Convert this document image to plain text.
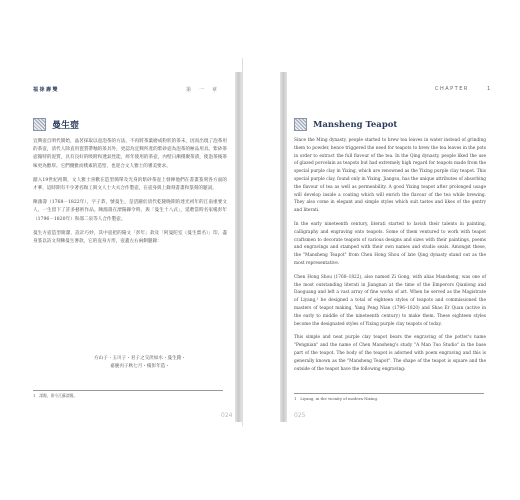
福祿壽雙	第　一　章	CHAPTER	1
曼生壺	Mansheng Teapot

宜興壺自明代開始，晶茗採取以壺泡茶的方法，不再將茶葉磨成粉狀的茶末，因而出現了泡茶用的茶壺，清代人除直用瓷質帶釉的茶具外，更認為宜興所產的紫砂壺為泡茶的極品用具。紫砂茶壺獨特的泥質，具有良好的吸附和透氣性能，經年使用的茶壺，內壁日漸積聚茶漬，使泡茶後茶味更為醇厚。它們優雅而樸素的造型，也迎合文人雅士的審美要求。

踏入19世紀初期，文人雅士喜歡在造型簡單及光身的紫砂茶壺上發揮他們在書畫篆刻各方面的才華，這時期有不少著名陶工與文人士大夫合作製壺，在壺身與上錄刻書畫和篆刻的題詞。

陳鴻壽（1768－1822年），字子恭，號曼生，是活躍於清代乾隆晚期的達光初年的江南重要文人，一生留下了許多藝術作品。陳鴻壽在溧陽縣令時，與「曼生十八式」，延聘當時名家楊彭年（1796－1820年）和邵二泉等人合作製壺。

曼生方壺造型簡潔，設計巧妙，其中壺把的陽文「彭年」款及「阿曼陀室（曼生齋名）」印，盡身篆以詩文刻陳曼生署款，它的壺身方形，壺蓋左右兩側題錄：

方山子・玉川子・君子之交淡如水・曼生銘・
嘉慶丙子秋七月・楊彭年造・

Since the Ming dynasty, people started to brew tea leaves in water instead of grinding them to powder, hence triggered the need for teapots to brew the tea leaves in the pots in order to extract the full flavour of the tea. In the Qing dynasty, people liked the use of glazed porcelain as teapots but had extremely high regard for teapots made from the special purple clay in Yixing, which are renowned as the Yixing purple clay teapot. This special purple clay, found only in Yixing, Jiangsu, has the unique attributes of absorbing the flavour of tea as well as permeability. A good Yixing teapot after prolonged usage will develop inside a coating which will enrich the flavour of the tea while brewing. They also come in elegant and simple styles which suit tastes and likes of the gentry and literati.

In the early nineteenth century, literati started to lavish their talents in painting, calligraphy and engraving onto teapots. Some of them ventured to work with teapot craftsmen to decorate teapots of various designs and sizes with their paintings, poems and engravings and stamped with their own names and studio seals. Amongst these, the "Mansheng Teapot" from Chen Hong Shou of late Qing dynasty stand out as the most representative.

Chen Hong Shou (1768–1822), also named Zi Gong, with alias Mansheng, was one of the most outstanding literati in Jiangnan at the time of the Emperors Qianlong and Daoguang and left a vast array of fine works of art. When he served as the Magistrate of Liyang,¹ he designed a total of eighteen styles of teapots and commissioned the masters of teapot making, Yang Peng Nian (1796–1820) and Shao Er Quan (active in the early to middle of the nineteenth century) to make them. These eighteen styles become the designated styles of Yixing purple clay teapots of today.

This simple and neat purple clay teapot bears the engraving of the potter's name "Pengnian" and the name of Chen Mansheng's study "A Man Tuo Studio" in the base part of the teapot. The body of the teapot is adorned with poem engraving and this is generally known as the "Mansheng Teapot". The shape of the teapot is square and the outside of the teapot have the following engraving:

1　溧陽，即今江蘇溧陽。
1　Liyang, in the vicinity of modern Nixing.
024	025
